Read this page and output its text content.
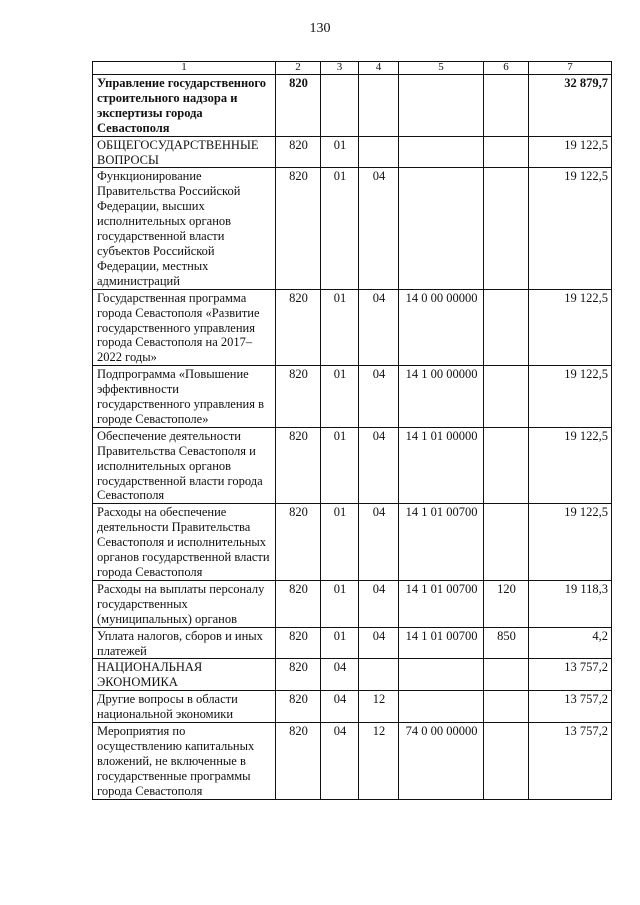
130
1	2	3	4	5	6	7
Управление государственного строительного надзора и экспертизы города Севастополя	820					32 879,7
ОБЩЕГОСУДАРСТВЕННЫЕ ВОПРОСЫ	820	01				19 122,5
Функционирование Правительства Российской Федерации, высших исполнительных органов государственной власти субъектов Российской Федерации, местных администраций	820	01	04			19 122,5
Государственная программа города Севастополя «Развитие государственного управления города Севастополя на 2017–2022 годы»	820	01	04	14 0 00 00000		19 122,5
Подпрограмма «Повышение эффективности государственного управления в городе Севастополе»	820	01	04	14 1 00 00000		19 122,5
Обеспечение деятельности Правительства Севастополя и исполнительных органов государственной власти города Севастополя	820	01	04	14 1 01 00000		19 122,5
Расходы на обеспечение деятельности Правительства Севастополя и исполнительных органов государственной власти города Севастополя	820	01	04	14 1 01 00700		19 122,5
Расходы на выплаты персоналу государственных (муниципальных) органов	820	01	04	14 1 01 00700	120	19 118,3
Уплата налогов, сборов и иных платежей	820	01	04	14 1 01 00700	850	4,2
НАЦИОНАЛЬНАЯ ЭКОНОМИКА	820	04				13 757,2
Другие вопросы в области национальной экономики	820	04	12			13 757,2
Мероприятия по осуществлению капитальных вложений, не включенные в государственные программы города Севастополя	820	04	12	74 0 00 00000		13 757,2
